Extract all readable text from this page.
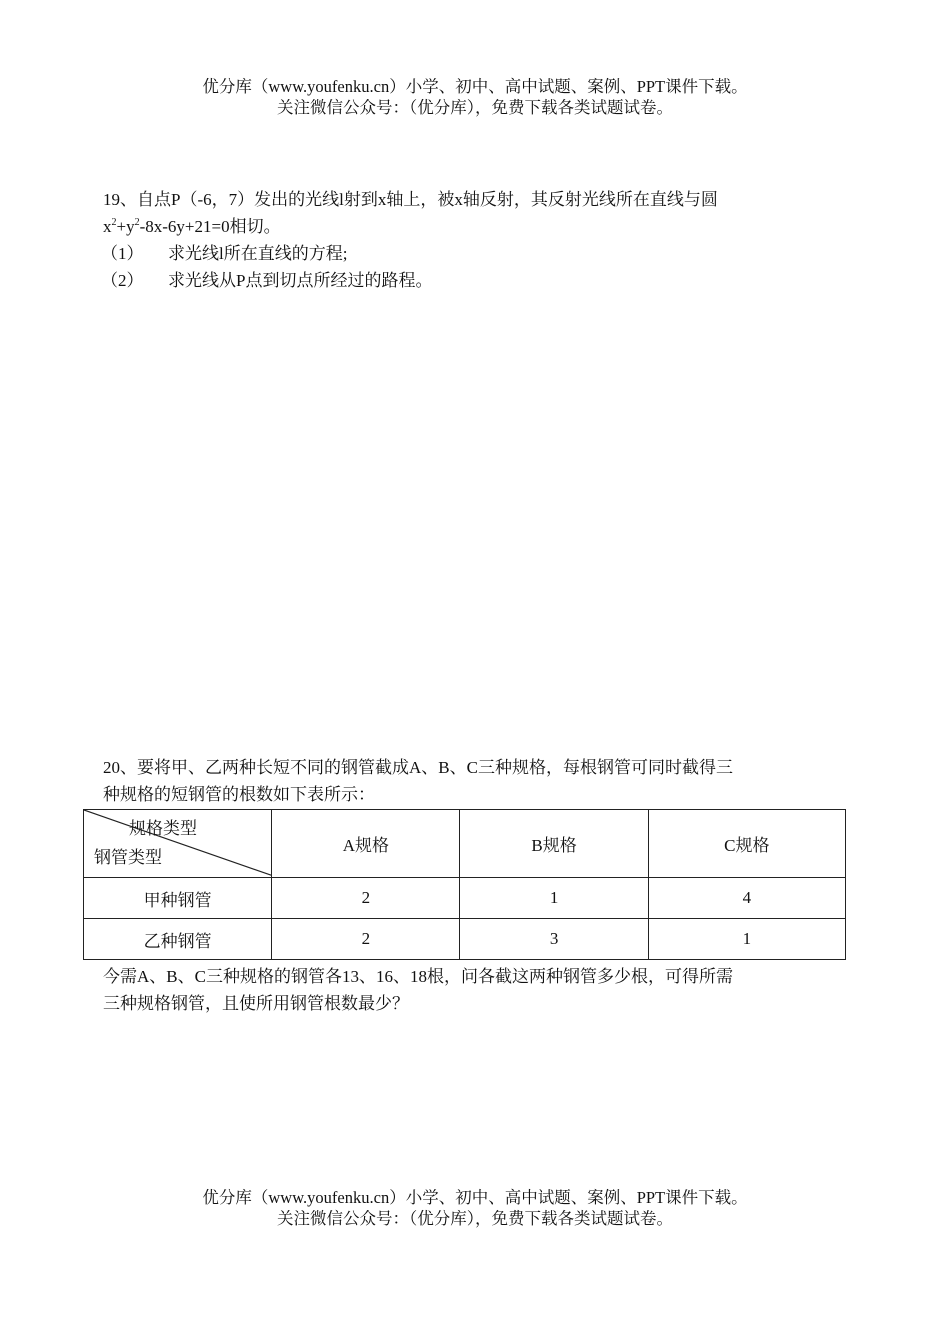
优分库（www.youfenku.cn）小学、初中、高中试题、案例、PPT课件下载。
关注微信公众号：（优分库），免费下载各类试题试卷。
19、自点P（-6，7）发出的光线l射到x轴上，被x轴反射，其反射光线所在直线与圆
$x^2+y^2-8x-6y+21=0$相切。
（1）	求光线l所在直线的方程;
（2）	求光线从P点到切点所经过的路程。
20、要将甲、乙两种长短不同的钢管截成A、B、C三种规格，每根钢管可同时截得三
种规格的短钢管的根数如下表所示：
规格类型
钢管类型	A规格	B规格	C规格
甲种钢管	2	1	4
乙种钢管	2	3	1
今需A、B、C三种规格的钢管各13、16、18根，问各截这两种钢管多少根，可得所需
三种规格钢管，且使所用钢管根数最少？
优分库（www.youfenku.cn）小学、初中、高中试题、案例、PPT课件下载。
关注微信公众号：（优分库），免费下载各类试题试卷。
